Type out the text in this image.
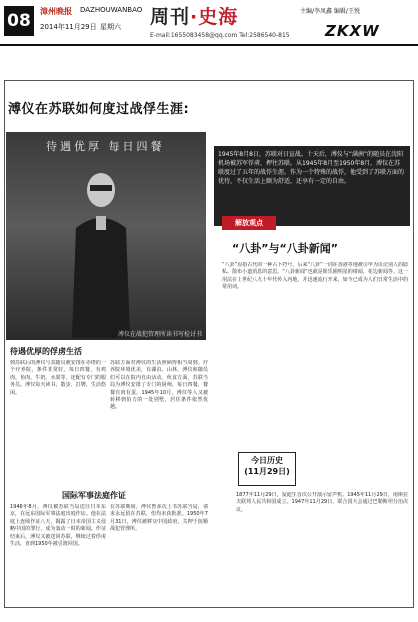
08	漳州晚报 DAZHOUWANBAO
2014年11月29日 星期六 周刊·史海
E-mail:1655083458@qq.com Tel:2586540-815
主编/李凤鑫 编辑/王悦
ZKXW
溥仪在苏联如何度过战俘生涯:
待遇优厚 每日四餐
溥仪在战犯管理所读书写检讨书
1945年8月8日，苏联对日宣战。十天后，溥仪与“满洲”的随员在沈阳机场被苏军俘虏，押往苏联。从1945年8月至1950年8月，溥仪在苏联度过了五年的战俘生涯。作为一个特殊的战俘，他受到了苏联方面的优待，不仅生活上颇为舒适，还享有一定的自由。
待遇优厚的俘虏生活
到苏联后的溥仪与其随员被安排在赤塔的一个疗养院，条件非常好。每日四餐，有鸡肉、鱼肉、牛奶、水果等，还配有专门的服务员。溥仪每天读书、散步、打牌，生活悠闲。
苏联方面对溥仪的生活照顾得相当周到。疗养院环境优美，有湖泊、山林，溥仪和随员们可以在院内自由活动。伙食方面，苏联当局为溥仪安排了专门的厨师，每日四餐，餐餐有肉有蛋。1945年10月，溥仪等人又被转移到伯力的一处别墅，居住条件依然优越。
国际军事法庭作证
1946年8月，溥仪被苏联当局送往日本东京，在远东国际军事法庭出庭作证。他在法庭上连续作证八天，揭露了日本帝国主义侵略中国的罪行，成为轰动一时的新闻。作证结束后，溥仪又被送回苏联，继续过着俘虏生活，直到1950年被引渡回国。
在苏联期间，溥仪曾多次上书苏联当局，请求永远留在苏联，但均未获批准。1950年7月31日，溥仪被移交中国政府，关押于抚顺战犯管理所。
解放观点
“八卦”与“八卦新闻”
“八卦”原指古代的一种占卜符号，后来“八卦”一词在香港等地被引申为议论别人的隐私、散布小道消息的意思。“八卦新闻”也就是娱乐圈明星的绯闻、花边新闻等。这一用法在上世纪八九十年代传入内地，并迅速流行开来，如今已成为人们日常生活中的常用词。
今日历史
(11月29日)
1877年11月29日，爱迪生首次公开演示留声机。1945年11月29日，南斯拉夫联邦人民共和国成立。1947年11月29日，联合国大会通过巴勒斯坦分治决议。
